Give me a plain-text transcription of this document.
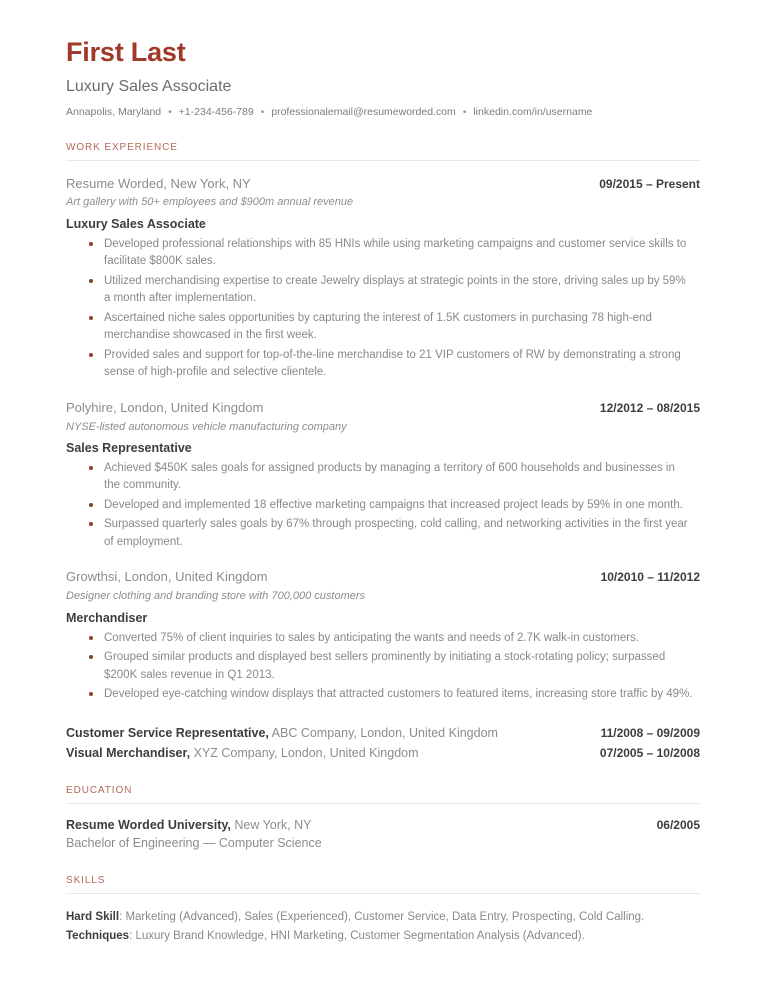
First Last
Luxury Sales Associate
Annapolis, Maryland • +1-234-456-789 • professionalemail@resumeworded.com • linkedin.com/in/username
WORK EXPERIENCE
Resume Worded, New York, NY	09/2015 – Present
Art gallery with 50+ employees and $900m annual revenue
Luxury Sales Associate
Developed professional relationships with 85 HNIs while using marketing campaigns and customer service skills to facilitate $800K sales.
Utilized merchandising expertise to create Jewelry displays at strategic points in the store, driving sales up by 59% a month after implementation.
Ascertained niche sales opportunities by capturing the interest of 1.5K customers in purchasing 78 high-end merchandise showcased in the first week.
Provided sales and support for top-of-the-line merchandise to 21 VIP customers of RW by demonstrating a strong sense of high-profile and selective clientele.
Polyhire, London, United Kingdom	12/2012 – 08/2015
NYSE-listed autonomous vehicle manufacturing company
Sales Representative
Achieved $450K sales goals for assigned products by managing a territory of 600 households and businesses in the community.
Developed and implemented 18 effective marketing campaigns that increased project leads by 59% in one month.
Surpassed quarterly sales goals by 67% through prospecting, cold calling, and networking activities in the first year of employment.
Growthsi, London, United Kingdom	10/2010 – 11/2012
Designer clothing and branding store with 700,000 customers
Merchandiser
Converted 75% of client inquiries to sales by anticipating the wants and needs of 2.7K walk-in customers.
Grouped similar products and displayed best sellers prominently by initiating a stock-rotating policy; surpassed $200K sales revenue in Q1 2013.
Developed eye-catching window displays that attracted customers to featured items, increasing store traffic by 49%.
Customer Service Representative, ABC Company, London, United Kingdom	11/2008 – 09/2009
Visual Merchandiser, XYZ Company, London, United Kingdom	07/2005 – 10/2008
EDUCATION
Resume Worded University, New York, NY	06/2005
Bachelor of Engineering — Computer Science
SKILLS
Hard Skill: Marketing (Advanced), Sales (Experienced), Customer Service, Data Entry, Prospecting, Cold Calling.
Techniques: Luxury Brand Knowledge, HNI Marketing, Customer Segmentation Analysis (Advanced).
